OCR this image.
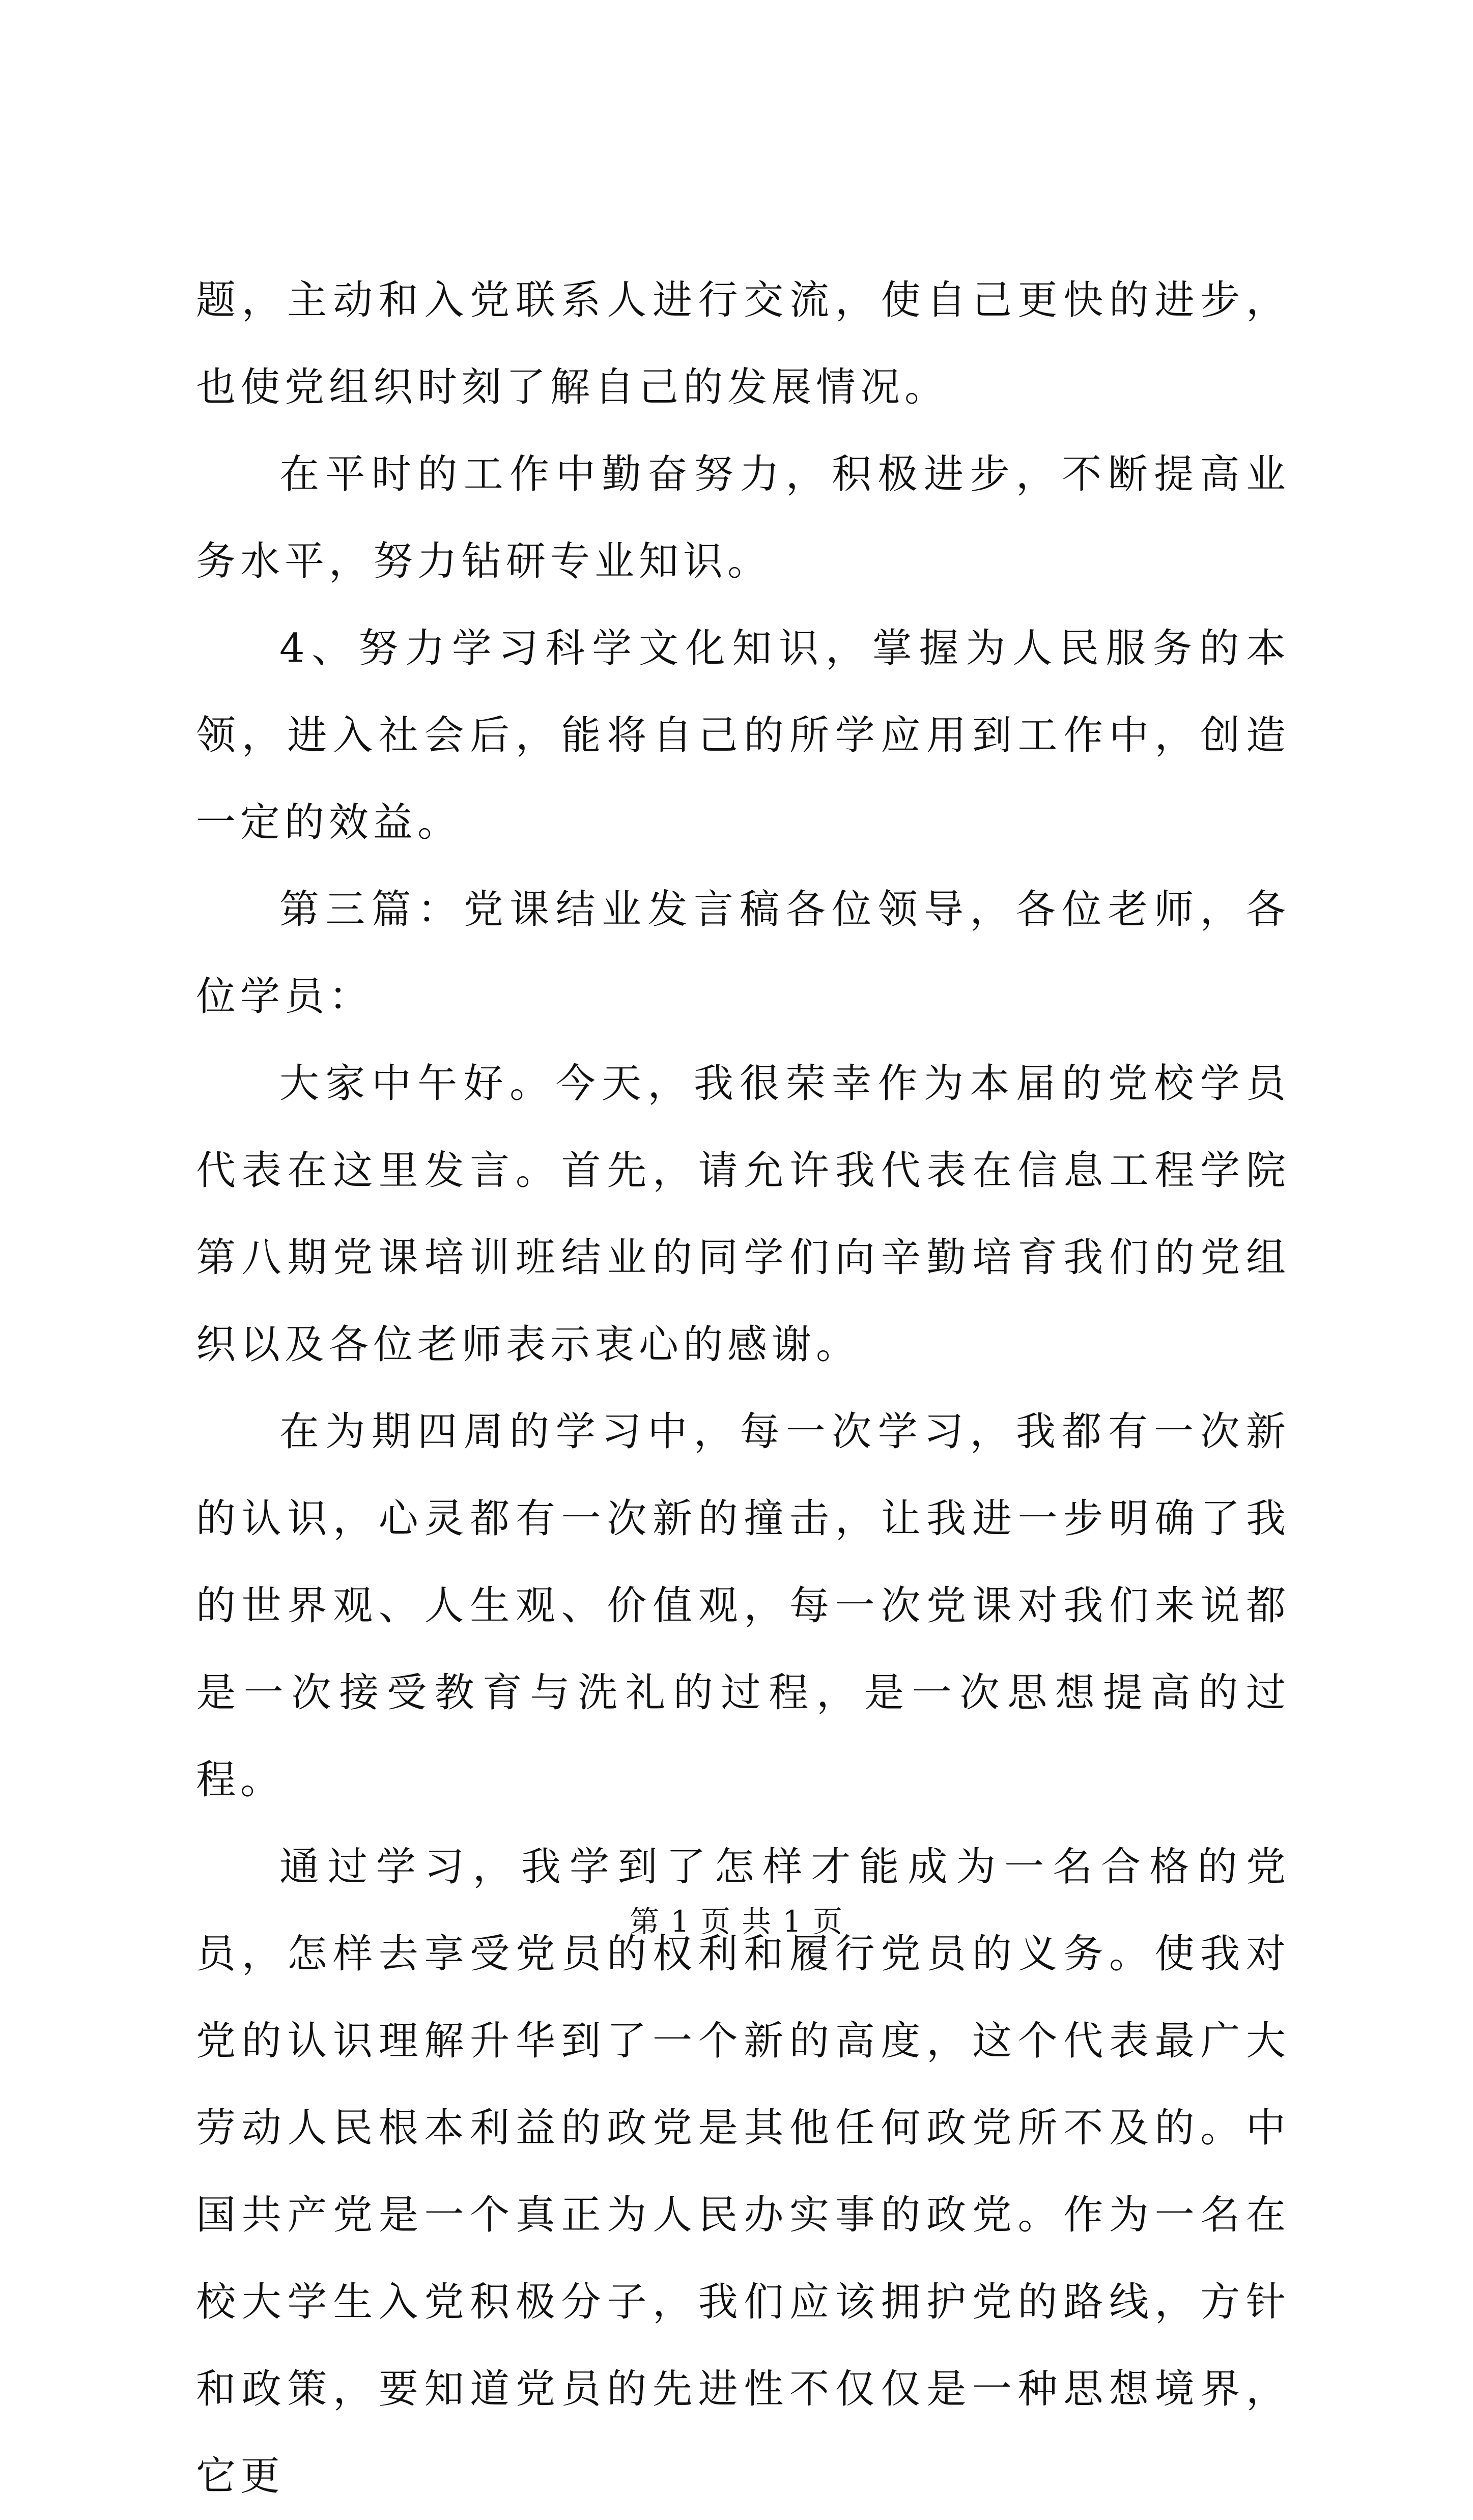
题，主动和入党联系人进行交流，使自己更快的进步，也使党组织时刻了解自己的发展情况。

在平时的工作中勤奋努力，积极进步，不断提高业务水平，努力钻研专业知识。

4、努力学习科学文化知识，掌握为人民服务的本领，进入社会后，能将自己的所学应用到工作中，创造一定的效益。

第三篇：党课结业发言稿各位领导，各位老师，各位学员：

大家中午好。今天，我很荣幸作为本届的党校学员代表在这里发言。首先，请允许我代表在信息工程学院第八期党课培训班结业的同学们向辛勤培育我们的党组织以及各位老师表示衷心的感谢。

在为期四周的学习中，每一次学习，我都有一次新的认识，心灵都有一次新的撞击，让我进一步明确了我的世界观、人生观、价值观，每一次党课对我们来说都是一次接受教育与洗礼的过程，是一次思想提高的过程。

通过学习，我学到了怎样才能成为一名合格的党员，怎样去享受党员的权利和履行党员的义务。使我对党的认识理解升华到了一个新的高度，这个代表最广大劳动人民根本利益的政党是其他任何政党所不及的。中国共产党是一个真正为人民办实事的政党。作为一名在校大学生入党积极分子，我们应该拥护党的路线，方针和政策，要知道党员的先进性不仅仅是一种思想境界，它更

第 1 页 共 1 页
